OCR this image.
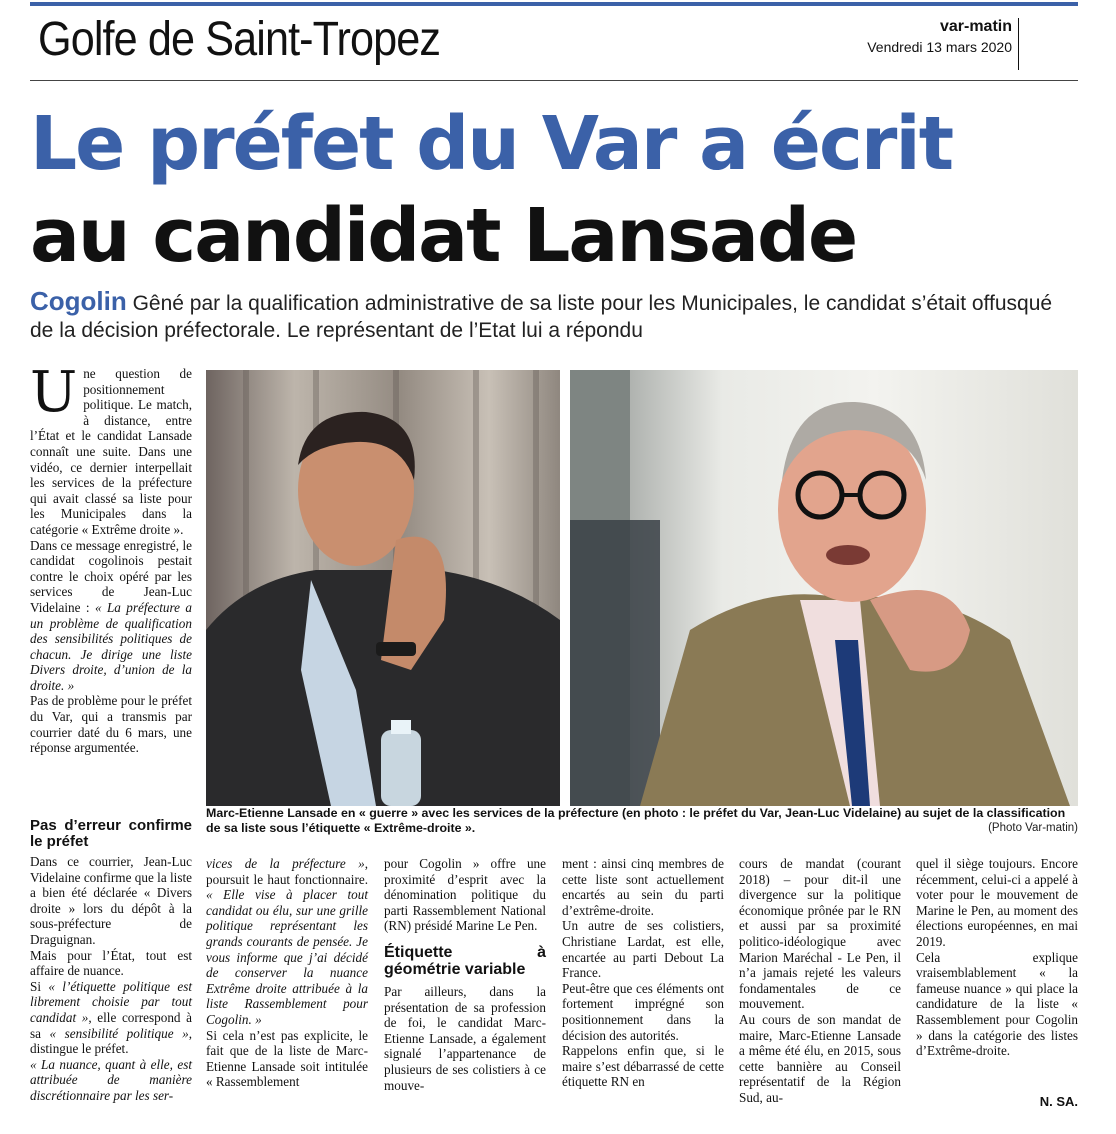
Golfe de Saint-Tropez	var-matin
Vendredi 13 mars 2020
Le préfet du Var a écrit
au candidat Lansade
Cogolin Gêné par la qualification administrative de sa liste pour les Municipales, le candidat s’était offusqué de la décision préfectorale. Le représentant de l’Etat lui a répondu
U ne question de positionnement politique. Le match, à distance, entre l’État et le candidat Lansade connaît une suite. Dans une vidéo, ce dernier interpellait les services de la préfecture qui avait classé sa liste pour les Municipales dans la catégorie « Extrême droite ».

Dans ce message enregistré, le candidat cogolinois pestait contre le choix opéré par les services de Jean-Luc Videlaine : « La préfecture a un problème de qualification des sensibilités politiques de chacun. Je dirige une liste Divers droite, d’union de la droite. »

Pas de problème pour le préfet du Var, qui a transmis par courrier daté du 6 mars, une réponse argumentée.

Pas d’erreur confirme le préfet

Dans ce courrier, Jean-Luc Videlaine confirme que la liste a bien été déclarée « Divers droite » lors du dépôt à la sous-préfecture de Draguignan.

Mais pour l’État, tout est affaire de nuance.

Si « l’étiquette politique est librement choisie par tout candidat », elle correspond à sa « sensibilité politique », distingue le préfet.

« La nuance, quant à elle, est attribuée de manière discrétionnaire par les ser-

Marc-Etienne Lansade en « guerre » avec les services de la préfecture (en photo : le préfet du Var, Jean-Luc Videlaine) au sujet de la classification de sa liste sous l’étiquette « Extrême-droite ».	(Photo Var-matin)

vices de la préfecture », poursuit le haut fonctionnaire. « Elle vise à placer tout candidat ou élu, sur une grille politique représentant les grands courants de pensée. Je vous informe que j’ai décidé de conserver la nuance Extrême droite attribuée à la liste Rassemblement pour Cogolin. »

Si cela n’est pas explicite, le fait que de la liste de Marc-Etienne Lansade soit intitulée « Rassemblement

pour Cogolin » offre une proximité d’esprit avec la dénomination politique du parti Rassemblement National (RN) présidé Marine Le Pen.

Étiquette à géométrie variable

Par ailleurs, dans la présentation de sa profession de foi, le candidat Marc-Etienne Lansade, a également signalé l’appartenance de plusieurs de ses colistiers à ce mouve-

ment : ainsi cinq membres de cette liste sont actuellement encartés au sein du parti d’extrême-droite.

Un autre de ses colistiers, Christiane Lardat, est elle, encartée au parti Debout La France.

Peut-être que ces éléments ont fortement imprégné son positionnement dans la décision des autorités.

Rappelons enfin que, si le maire s’est débarrassé de cette étiquette RN en

cours de mandat (courant 2018) – pour dit-il une divergence sur la politique économique prônée par le RN et aussi par sa proximité politico-idéologique avec Marion Maréchal - Le Pen, il n’a jamais rejeté les valeurs fondamentales de ce mouvement.

Au cours de son mandat de maire, Marc-Etienne Lansade a même été élu, en 2015, sous cette bannière au Conseil représentatif de la Région Sud, au-

quel il siège toujours. Encore récemment, celui-ci a appelé à voter pour le mouvement de Marine le Pen, au moment des élections européennes, en mai 2019.

Cela explique vraisemblablement « la fameuse nuance » qui place la candidature de la liste « Rassemblement pour Cogolin » dans la catégorie des listes d’Extrême-droite.

N. SA.
